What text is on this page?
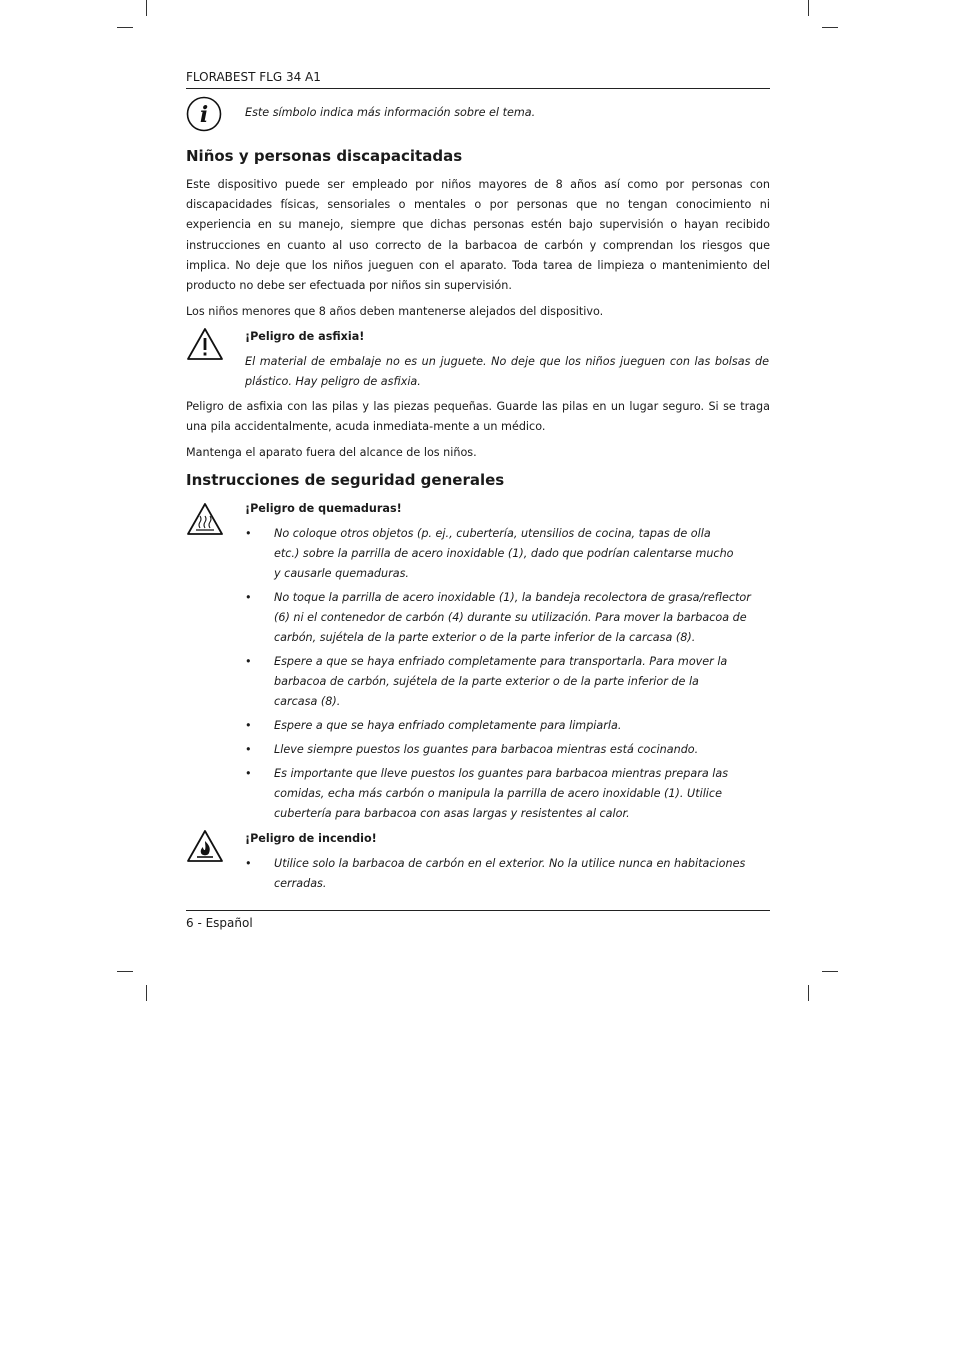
FLORABEST FLG 34 A1
i	Este símbolo indica más información sobre el tema.
Niños y personas discapacitadas

Este dispositivo puede ser empleado por niños mayores de 8 años así como por personas con discapacidades físicas, sensoriales o mentales o por personas que no tengan conocimiento ni experiencia en su manejo, siempre que dichas personas estén bajo supervisión o hayan recibido instrucciones en cuanto al uso correcto de la barbacoa de carbón y comprendan los riesgos que implica. No deje que los niños jueguen con el aparato. Toda tarea de limpieza o mantenimiento del producto no debe ser efectuada por niños sin supervisión.

Los niños menores que 8 años deben mantenerse alejados del dispositivo.

¡Peligro de asfixia!
El material de embalaje no es un juguete. No deje que los niños jueguen con las bolsas de plástico. Hay peligro de asfixia.

Peligro de asfixia con las pilas y las piezas pequeñas. Guarde las pilas en un lugar seguro. Si se traga una pila accidentalmente, acuda inmediata-mente a un médico.

Mantenga el aparato fuera del alcance de los niños.

Instrucciones de seguridad generales
¡Peligro de quemaduras!
• No coloque otros objetos (p. ej., cubertería, utensilios de cocina, tapas de olla etc.) sobre la parrilla de acero inoxidable (1), dado que podrían calentarse mucho y causarle quemaduras.
• No toque la parrilla de acero inoxidable (1), la bandeja recolectora de grasa/reflector (6) ni el contenedor de carbón (4) durante su utilización. Para mover la barbacoa de carbón, sujétela de la parte exterior o de la parte inferior de la carcasa (8).
• Espere a que se haya enfriado completamente para transportarla. Para mover la barbacoa de carbón, sujétela de la parte exterior o de la parte inferior de la carcasa (8).
• Espere a que se haya enfriado completamente para limpiarla.
• Lleve siempre puestos los guantes para barbacoa mientras está cocinando.
• Es importante que lleve puestos los guantes para barbacoa mientras prepara las comidas, echa más carbón o manipula la parrilla de acero inoxidable (1). Utilice cubertería para barbacoa con asas largas y resistentes al calor.
¡Peligro de incendio!
• Utilice solo la barbacoa de carbón en el exterior. No la utilice nunca en habitaciones cerradas.
6 - Español
